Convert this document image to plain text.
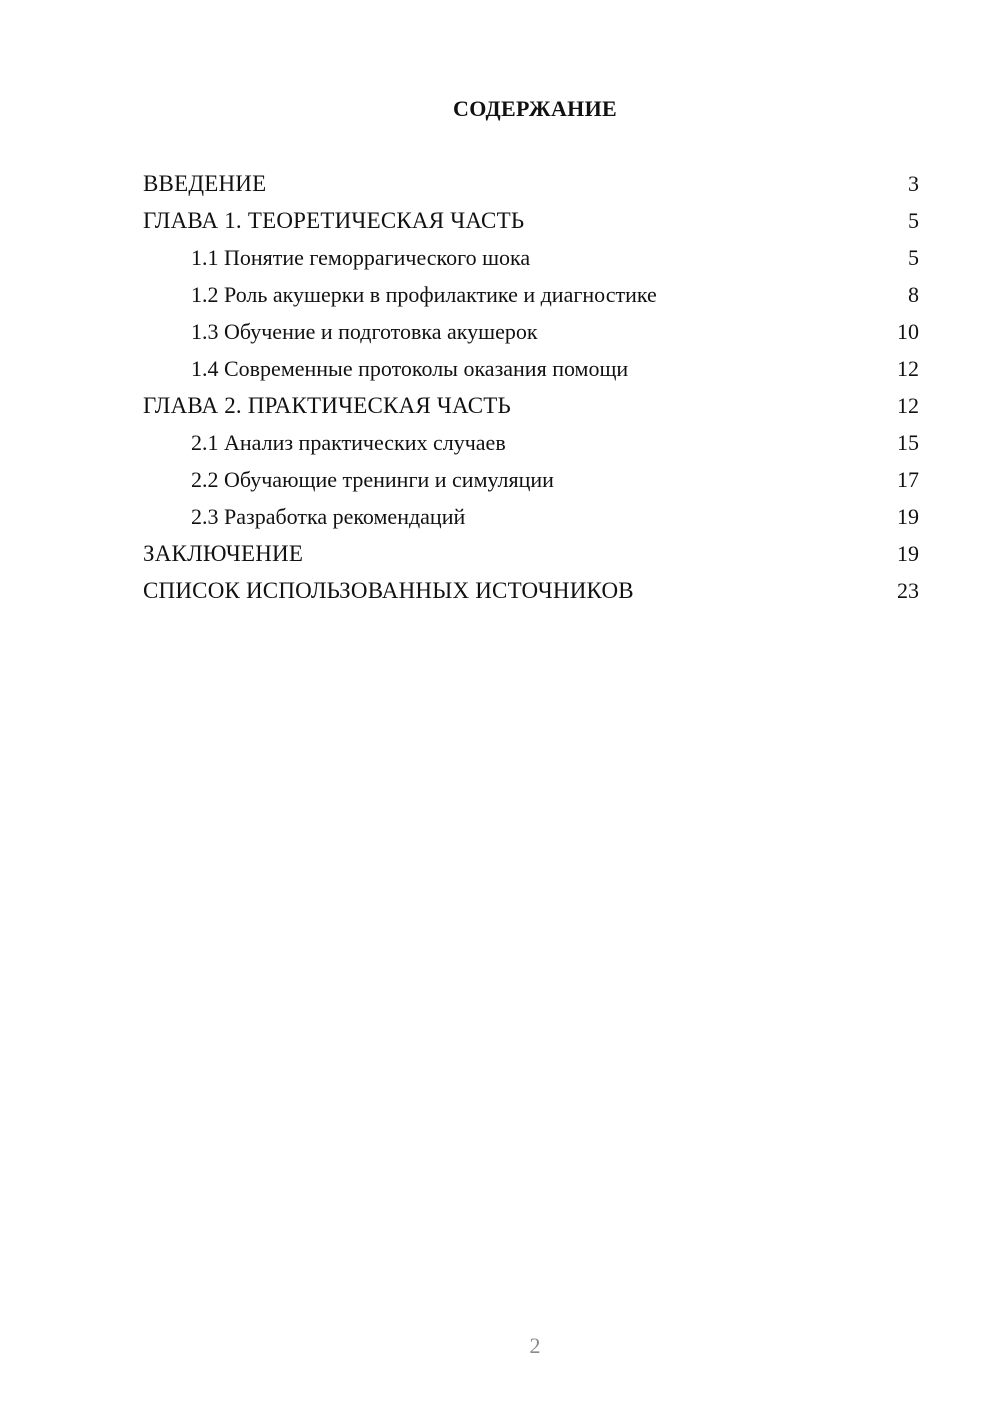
СОДЕРЖАНИЕ
ВВЕДЕНИЕ	3
ГЛАВА 1. ТЕОРЕТИЧЕСКАЯ ЧАСТЬ	5
1.1 Понятие геморрагического шока	5
1.2 Роль акушерки в профилактике и диагностике	8
1.3 Обучение и подготовка акушерок	10
1.4 Современные протоколы оказания помощи	12
ГЛАВА 2. ПРАКТИЧЕСКАЯ ЧАСТЬ	12
2.1 Анализ практических случаев	15
2.2 Обучающие тренинги и симуляции	17
2.3 Разработка рекомендаций	19
ЗАКЛЮЧЕНИЕ	19
СПИСОК ИСПОЛЬЗОВАННЫХ ИСТОЧНИКОВ	23
2
